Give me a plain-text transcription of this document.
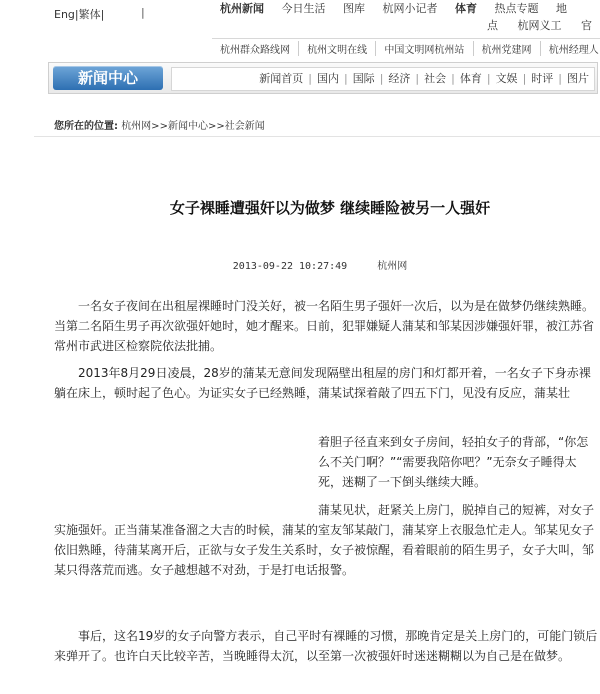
Eng|繁体|	|	杭州新闻 今日生活 图库 杭网小记者 体育 热点专题 地
点 杭网义工 官
杭州群众路线网 杭州文明在线 中国文明网杭州站 杭州党建网 杭州经理人
新闻中心	新闻首页 | 国内 | 国际 | 经济 | 社会 | 体育 | 文娱 | 时评 | 图片
您所在的位置: 杭州网>>新闻中心>>社会新闻
女子裸睡遭强奸以为做梦 继续睡险被另一人强奸
2013-09-22 10:27:49	杭州网
一名女子夜间在出租屋裸睡时门没关好，被一名陌生男子强奸一次后，以为是在做梦仍继续熟睡。当第二名陌生男子再次欲强奸她时，她才醒来。日前，犯罪嫌疑人蒲某和邹某因涉嫌强奸罪，被江苏省常州市武进区检察院依法批捕。
2013年8月29日凌晨，28岁的蒲某无意间发现隔壁出租屋的房门和灯都开着，一名女子下身赤裸躺在床上，顿时起了色心。为证实女子已经熟睡，蒲某试探着敲了四五下门，见没有反应，蒲某壮
着胆子径直来到女子房间，轻拍女子的背部，“你怎么不关门啊？”“需要我陪你吧？”无奈女子睡得太死，迷糊了一下倒头继续大睡。
蒲某见状，赶紧关上房门，脱掉自己的短裤，对女子实施强奸。正当蒲某准备溜之大吉的时候，蒲某的室友邹某敲门，蒲某穿上衣服急忙走人。邹某见女子依旧熟睡，待蒲某离开后，正欲与女子发生关系时，女子被惊醒，看着眼前的陌生男子，女子大叫，邹某只得落荒而逃。女子越想越不对劲，于是打电话报警。
事后，这名19岁的女子向警方表示，自己平时有裸睡的习惯，那晚肯定是关上房门的，可能门锁后来弹开了。也许白天比较辛苦，当晚睡得太沉，以至第一次被强奸时迷迷糊糊以为自己是在做梦。
